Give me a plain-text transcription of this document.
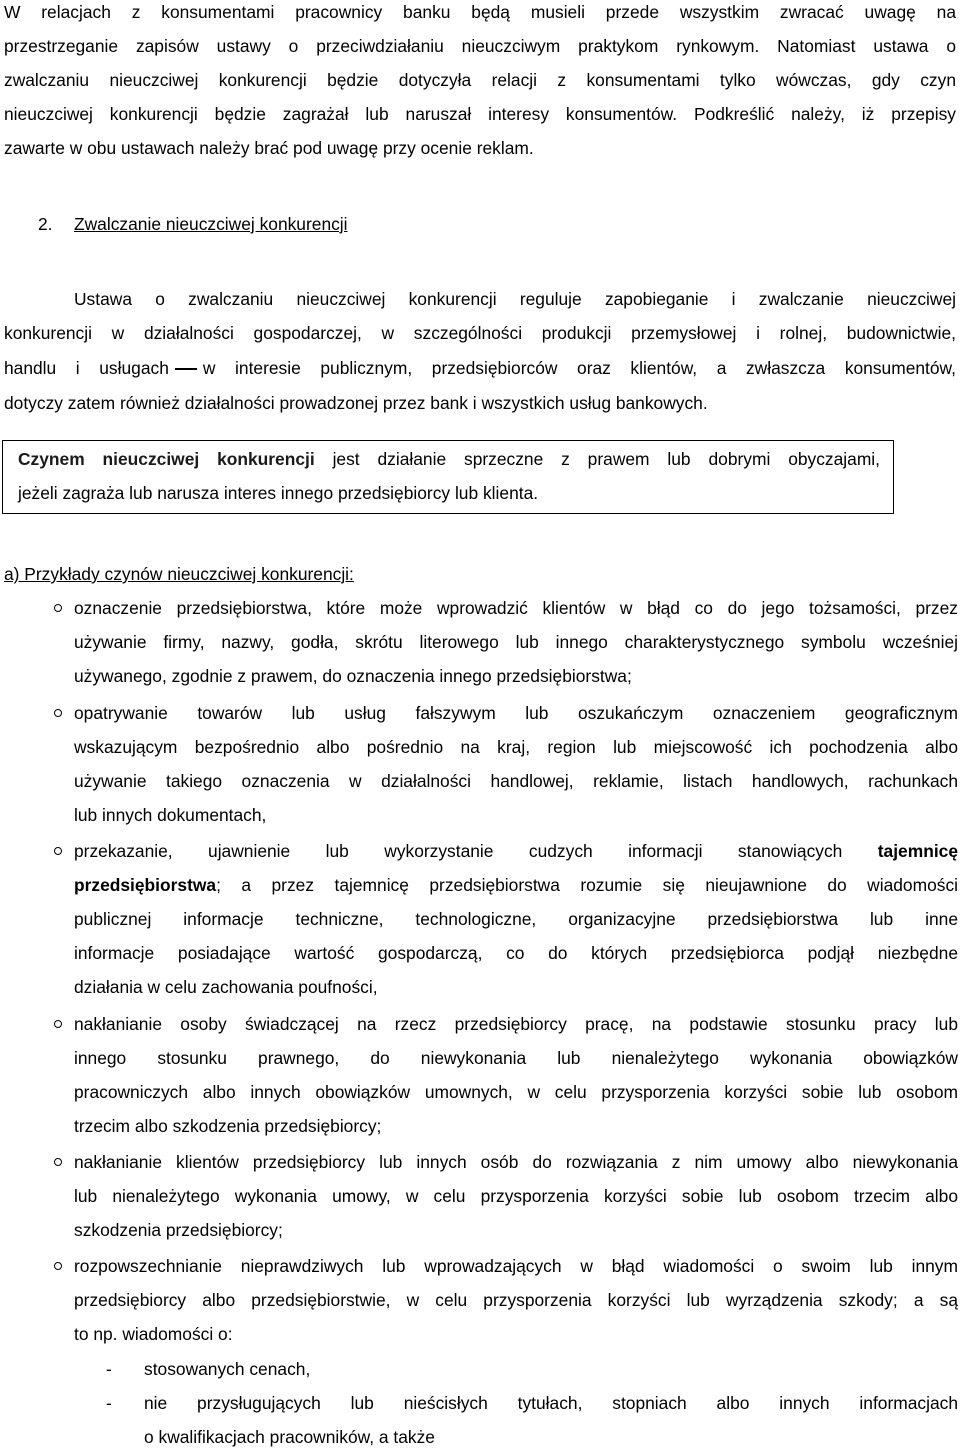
W relacjach z konsumentami pracownicy banku będą musieli przede wszystkim zwracać uwagę na

przestrzeganie zapisów ustawy o przeciwdziałaniu nieuczciwym praktykom rynkowym. Natomiast ustawa o

zwalczaniu nieuczciwej konkurencji będzie dotyczyła relacji z konsumentami tylko wówczas, gdy czyn

nieuczciwej konkurencji będzie zagrażał lub naruszał interesy konsumentów. Podkreślić należy, iż przepisy

zawarte w obu ustawach należy brać pod uwagę przy ocenie reklam.

2. Zwalczanie nieuczciwej konkurencji

Ustawa o zwalczaniu nieuczciwej konkurencji reguluje zapobieganie i zwalczanie nieuczciwej

konkurencji w działalności gospodarczej, w szczególności produkcji przemysłowej i rolnej, budownictwie,

handlu i usługach w interesie publicznym, przedsiębiorców oraz klientów, a zwłaszcza konsumentów,

dotyczy zatem również działalności prowadzonej przez bank i wszystkich usług bankowych.

Czynem nieuczciwej konkurencji jest działanie sprzeczne z prawem lub dobrymi obyczajami,

jeżeli zagraża lub narusza interes innego przedsiębiorcy lub klienta.

a) Przykłady czynów nieuczciwej konkurencji:

oznaczenie przedsiębiorstwa, które może wprowadzić klientów w błąd co do jego tożsamości, przez

używanie firmy, nazwy, godła, skrótu literowego lub innego charakterystycznego symbolu wcześniej

używanego, zgodnie z prawem, do oznaczenia innego przedsiębiorstwa;

opatrywanie towarów lub usług fałszywym lub oszukańczym oznaczeniem geograficznym

wskazującym bezpośrednio albo pośrednio na kraj, region lub miejscowość ich pochodzenia albo

używanie takiego oznaczenia w działalności handlowej, reklamie, listach handlowych, rachunkach

lub innych dokumentach,

przekazanie, ujawnienie lub wykorzystanie cudzych informacji stanowiących tajemnicę

przedsiębiorstwa; a przez tajemnicę przedsiębiorstwa rozumie się nieujawnione do wiadomości

publicznej informacje techniczne, technologiczne, organizacyjne przedsiębiorstwa lub inne

informacje posiadające wartość gospodarczą, co do których przedsiębiorca podjął niezbędne

działania w celu zachowania poufności,

nakłanianie osoby świadczącej na rzecz przedsiębiorcy pracę, na podstawie stosunku pracy lub

innego stosunku prawnego, do niewykonania lub nienależytego wykonania obowiązków

pracowniczych albo innych obowiązków umownych, w celu przysporzenia korzyści sobie lub osobom

trzecim albo szkodzenia przedsiębiorcy;

nakłanianie klientów przedsiębiorcy lub innych osób do rozwiązania z nim umowy albo niewykonania

lub nienależytego wykonania umowy, w celu przysporzenia korzyści sobie lub osobom trzecim albo

szkodzenia przedsiębiorcy;

rozpowszechnianie nieprawdziwych lub wprowadzających w błąd wiadomości o swoim lub innym

przedsiębiorcy albo przedsiębiorstwie, w celu przysporzenia korzyści lub wyrządzenia szkody; a są

to np. wiadomości o:

- stosowanych cenach,

- nie przysługujących lub nieścisłych tytułach, stopniach albo innych informacjach

o kwalifikacjach pracowników, a także
